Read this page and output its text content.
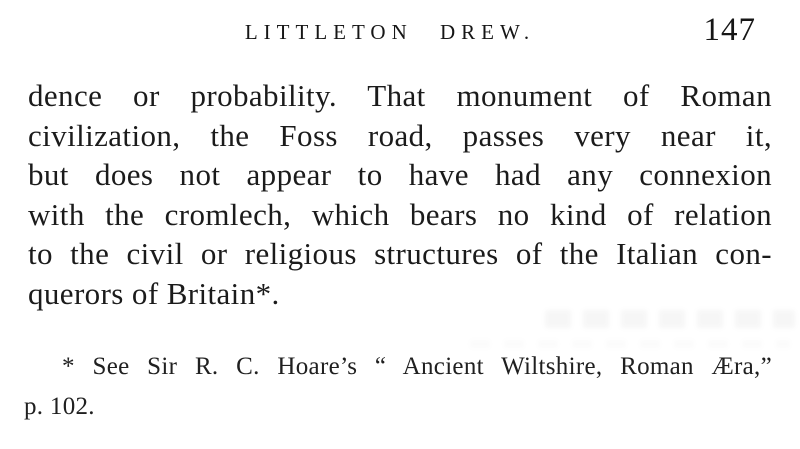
LITTLETON DREW.	147
dence or probability. That monument of Roman
civilization, the Foss road, passes very near it,
but does not appear to have had any connexion
with the cromlech, which bears no kind of relation
to the civil or religious structures of the Italian con-
querors of Britain*.
* See Sir R. C. Hoare’s “ Ancient Wiltshire, Roman Æra,”
p. 102.
